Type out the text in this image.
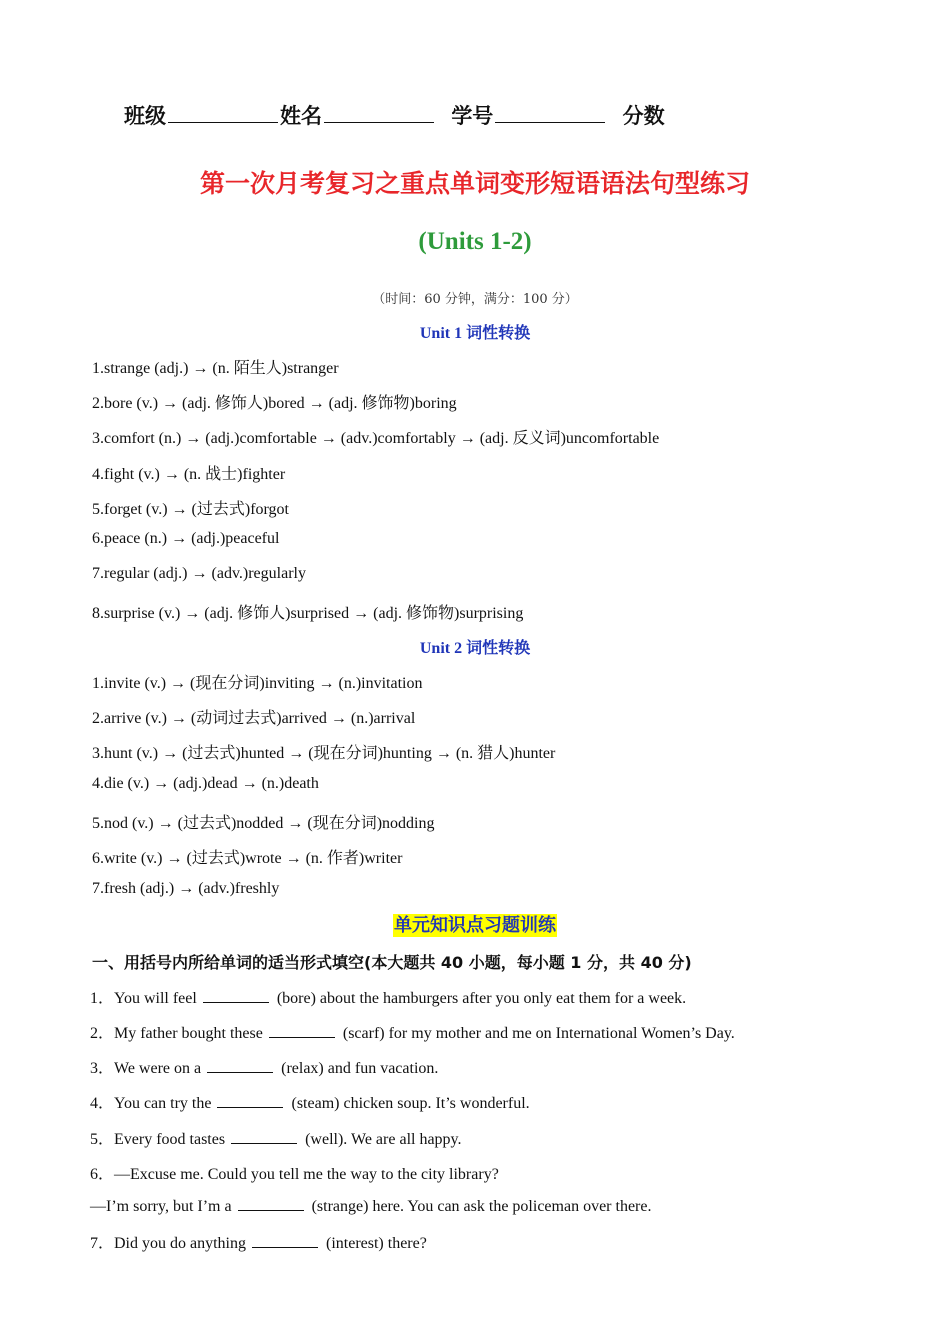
班级	姓名	学号	分数
第一次月考复习之重点单词变形短语语法句型练习
(Units 1-2)
（时间：60 分钟，满分：100 分）
Unit 1 词性转换
1.strange (adj.) → (n. 陌生人)stranger
2.bore (v.) → (adj. 修饰人)bored → (adj. 修饰物)boring
3.comfort (n.) → (adj.)comfortable → (adv.)comfortably → (adj. 反义词)uncomfortable
4.fight (v.) → (n. 战士)fighter
5.forget (v.) → (过去式)forgot
6.peace (n.) → (adj.)peaceful
7.regular (adj.) → (adv.)regularly
8.surprise (v.) → (adj. 修饰人)surprised → (adj. 修饰物)surprising
Unit 2 词性转换
1.invite (v.) → (现在分词)inviting → (n.)invitation
2.arrive (v.) → (动词过去式)arrived → (n.)arrival
3.hunt (v.) → (过去式)hunted → (现在分词)hunting → (n. 猎人)hunter
4.die (v.) → (adj.)dead → (n.)death
5.nod (v.) → (过去式)nodded → (现在分词)nodding
6.write (v.) → (过去式)wrote → (n. 作者)writer
7.fresh (adj.) → (adv.)freshly
单元知识点习题训练
一、用括号内所给单词的适当形式填空(本大题共 40 小题，每小题 1 分，共 40 分)
1．You will feel	(bore) about the hamburgers after you only eat them for a week.
2．My father bought these	(scarf) for my mother and me on International Women’s Day.
3．We were on a	(relax) and fun vacation.
4．You can try the	(steam) chicken soup. It’s wonderful.
5．Every food tastes	(well). We are all happy.
6．—Excuse me. Could you tell me the way to the city library?
—I’m sorry, but I’m a	(strange) here. You can ask the policeman over there.
7．Did you do anything	(interest) there?
